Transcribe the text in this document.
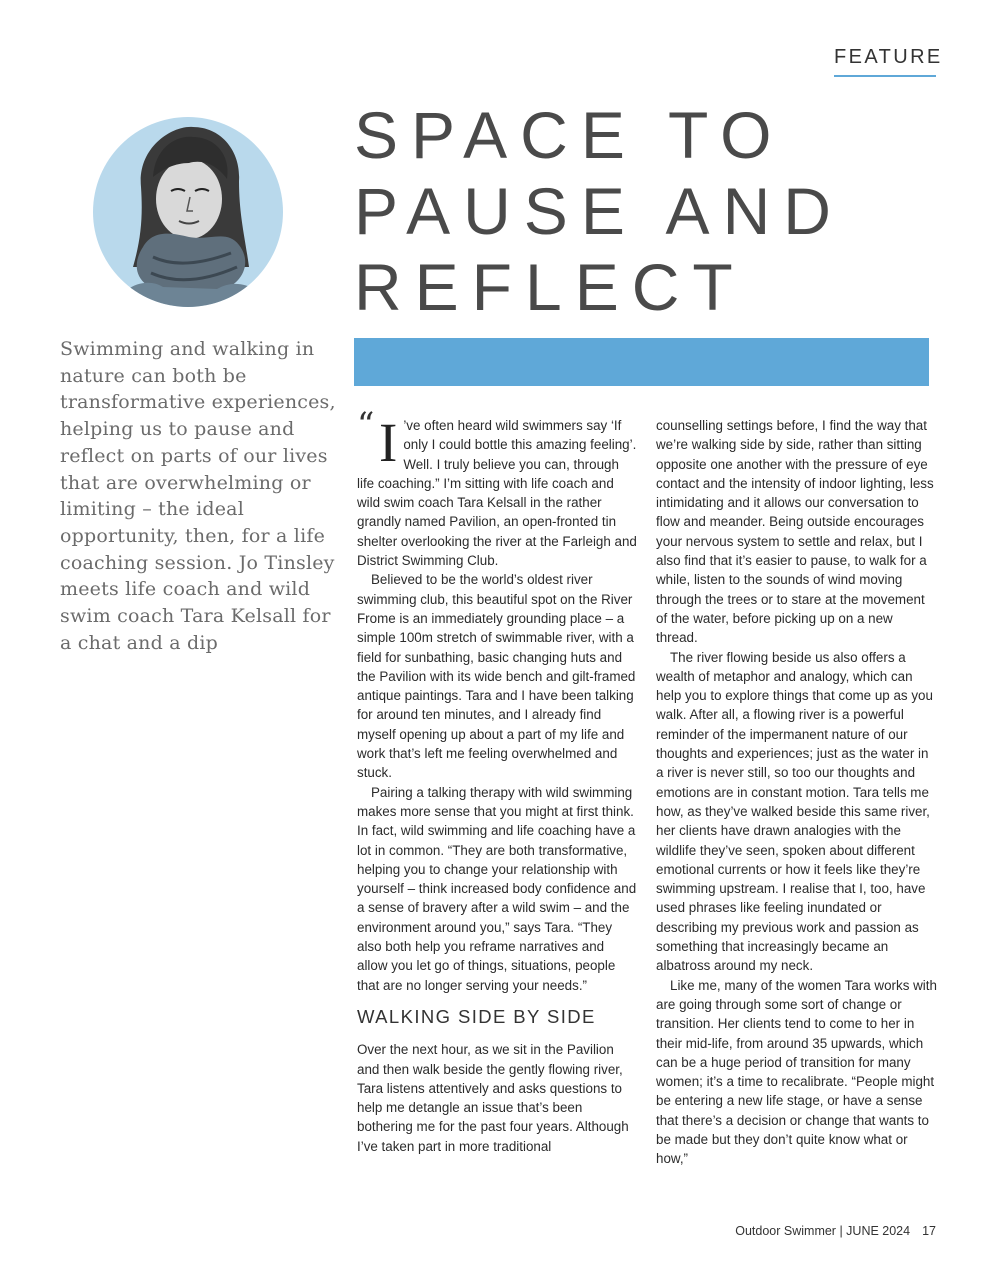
FEATURE
SPACE TO
PAUSE AND
REFLECT

Swimming and walking in nature can both be transformative experiences, helping us to pause and reflect on parts of our lives that are overwhelming or limiting – the ideal opportunity, then, for a life coaching session. Jo Tinsley meets life coach and wild swim coach Tara Kelsall for a chat and a dip

“ I ’ve often heard wild swimmers say ‘If only I could bottle this amazing feeling’. Well. I truly believe you can, through life coaching.” I’m sitting with life coach and wild swim coach Tara Kelsall in the rather grandly named Pavilion, an open-fronted tin shelter overlooking the river at the Farleigh and District Swimming Club.

Believed to be the world’s oldest river swimming club, this beautiful spot on the River Frome is an immediately grounding place – a simple 100m stretch of swimmable river, with a field for sunbathing, basic changing huts and the Pavilion with its wide bench and gilt-framed antique paintings. Tara and I have been talking for around ten minutes, and I already find myself opening up about a part of my life and work that’s left me feeling overwhelmed and stuck.

Pairing a talking therapy with wild swimming makes more sense that you might at first think. In fact, wild swimming and life coaching have a lot in common. “They are both transformative, helping you to change your relationship with yourself – think increased body confidence and a sense of bravery after a wild swim – and the environment around you,” says Tara. “They also both help you reframe narratives and allow you let go of things, situations, people that are no longer serving your needs.”

WALKING SIDE BY SIDE

Over the next hour, as we sit in the Pavilion and then walk beside the gently flowing river, Tara listens attentively and asks questions to help me detangle an issue that’s been bothering me for the past four years. Although I’ve taken part in more traditional

counselling settings before, I find the way that we’re walking side by side, rather than sitting opposite one another with the pressure of eye contact and the intensity of indoor lighting, less intimidating and it allows our conversation to flow and meander. Being outside encourages your nervous system to settle and relax, but I also find that it’s easier to pause, to walk for a while, listen to the sounds of wind moving through the trees or to stare at the movement of the water, before picking up on a new thread.

The river flowing beside us also offers a wealth of metaphor and analogy, which can help you to explore things that come up as you walk. After all, a flowing river is a powerful reminder of the impermanent nature of our thoughts and experiences; just as the water in a river is never still, so too our thoughts and emotions are in constant motion. Tara tells me how, as they’ve walked beside this same river, her clients have drawn analogies with the wildlife they’ve seen, spoken about different emotional currents or how it feels like they’re swimming upstream. I realise that I, too, have used phrases like feeling inundated or describing my previous work and passion as something that increasingly became an albatross around my neck.

Like me, many of the women Tara works with are going through some sort of change or transition. Her clients tend to come to her in their mid-life, from around 35 upwards, which can be a huge period of transition for many women; it’s a time to recalibrate. “People might be entering a new life stage, or have a sense that there’s a decision or change that wants to be made but they don’t quite know what or how,”

Outdoor Swimmer | JUNE 2024 17
